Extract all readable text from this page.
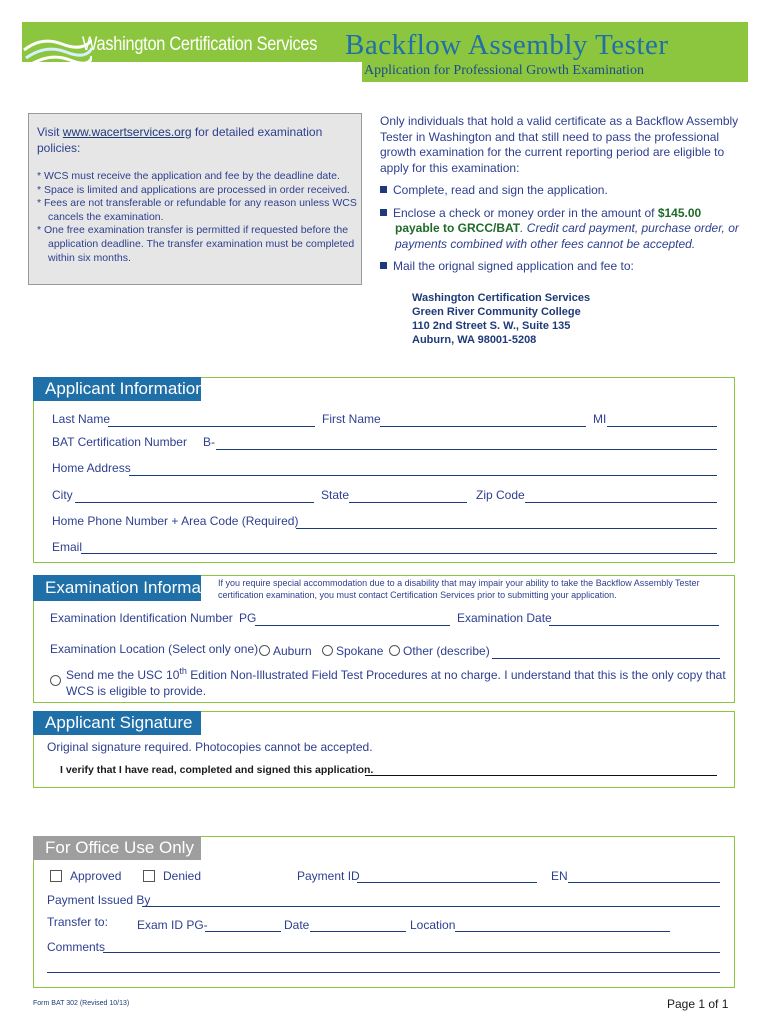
Washington Certification Services Backflow Assembly Tester
Application for Professional Growth Examination
Visit www.wacertservices.org for detailed examination policies:
* WCS must receive the application and fee by the deadline date.
* Space is limited and applications are processed in order received.
* Fees are not transferable or refundable for any reason unless WCS cancels the examination.
* One free examination transfer is permitted if requested before the application deadline. The transfer examination must be completed within six months.
Only individuals that hold a valid certificate as a Backflow Assembly Tester in Washington and that still need to pass the professional growth examination for the current reporting period are eligible to apply for this examination:
Complete, read and sign the application.
Enclose a check or money order in the amount of $145.00
payable to GRCC/BAT. Credit card payment, purchase order, or payments combined with other fees cannot be accepted.
Mail the orignal signed application and fee to:
Washington Certification Services
Green River Community College
110 2nd Street S. W., Suite 135
Auburn, WA 98001-5208
Applicant Information
Last Name	First Name	MI
BAT Certification Number B-
Home Address
City	State	Zip Code
Home Phone Number + Area Code (Required)
Email
Examination Information
If you require special accommodation due to a disability that may impair your ability to take the Backflow Assembly Tester certification examination, you must contact Certification Services prior to submitting your application.
Examination Identification Number PG	Examination Date
Examination Location (Select only one)	Auburn	Spokane	Other (describe)
Send me the USC 10th Edition Non-Illustrated Field Test Procedures at no charge. I understand that this is the only copy that
WCS is eligible to provide.
Applicant Signature
Original signature required. Photocopies cannot be accepted.
I verify that I have read, completed and signed this application.
For Office Use Only
Approved	Denied	Payment ID	EN
Payment Issued By
Transfer to: Exam ID PG-	Date	Location
Comments
Form BAT 302 (Revised 10/13)	Page 1 of 1
